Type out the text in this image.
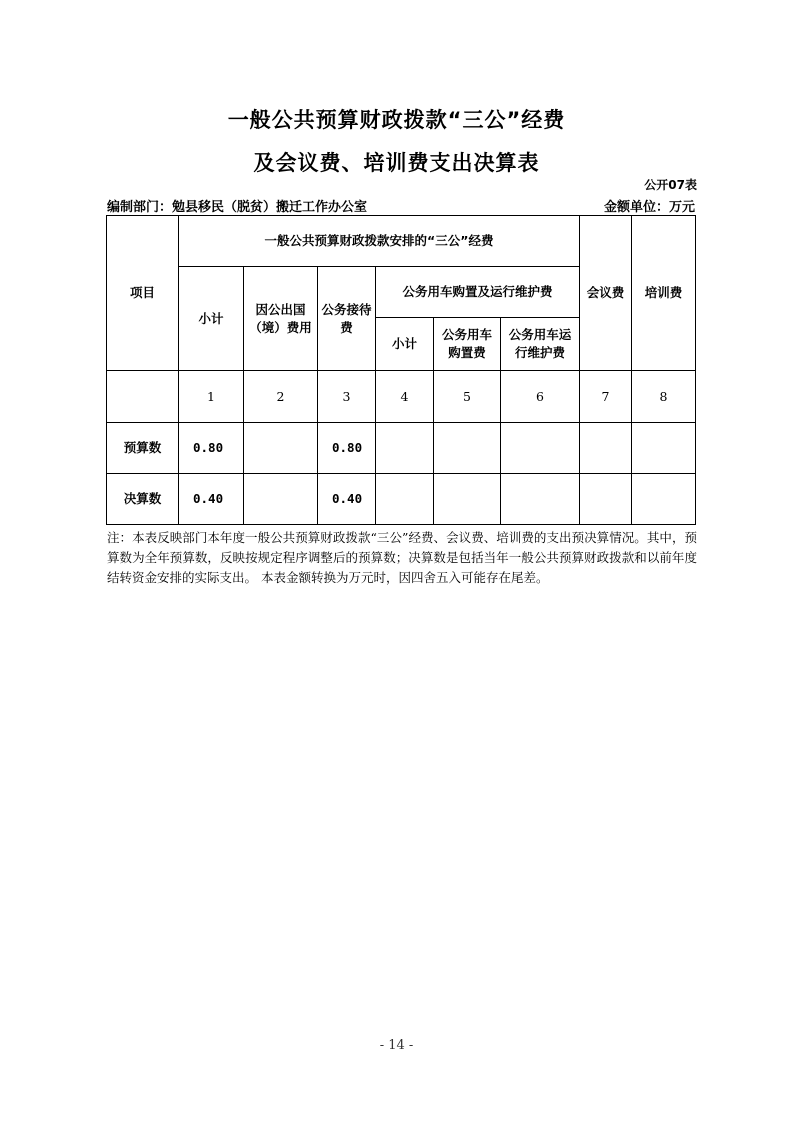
一般公共预算财政拨款“三公”经费
及会议费、培训费支出决算表
公开07表
编制部门：勉县移民（脱贫）搬迁工作办公室	金额单位：万元
项目	一般公共预算财政拨款安排的“三公”经费						会议费	培训费
	小计	因公出国（境）费用	公务接待费	公务用车购置及运行维护费				
				小计	公务用车购置费	公务用车运行维护费		
	1	2	3	4	5	6	7	8
预算数	0.80		0.80					
决算数	0.40		0.40					
注：本表反映部门本年度一般公共预算财政拨款“三公”经费、会议费、培训费的支出预决算情况。其中，预算数为全年预算数，反映按规定程序调整后的预算数；决算数是包括当年一般公共预算财政拨款和以前年度结转资金安排的实际支出。 本表金额转换为万元时，因四舍五入可能存在尾差。
- 14 -
